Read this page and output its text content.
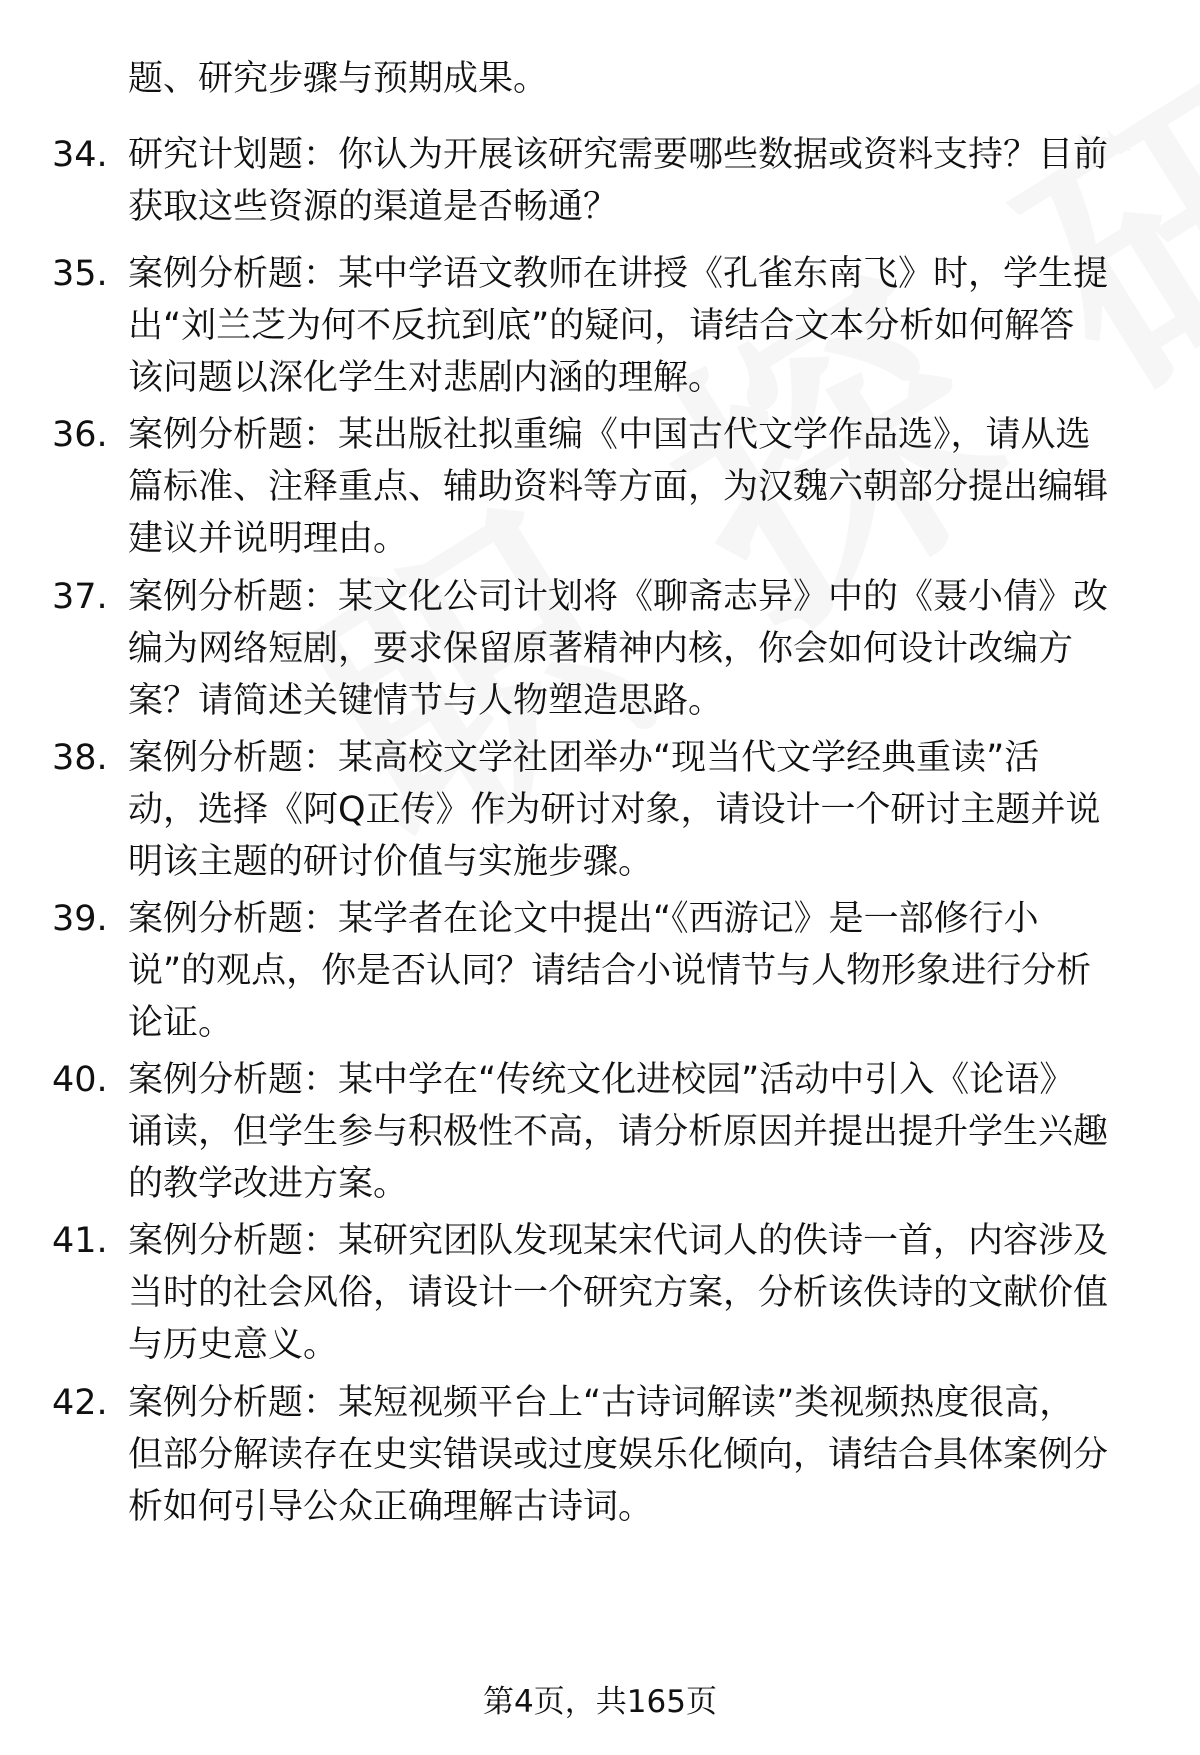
题、研究步骤与预期成果。
34. 研究计划题：你认为开展该研究需要哪些数据或资料支持？目前
获取这些资源的渠道是否畅通？
35. 案例分析题：某中学语文教师在讲授《孔雀东南飞》时，学生提
出“刘兰芝为何不反抗到底”的疑问，请结合文本分析如何解答
该问题以深化学生对悲剧内涵的理解。
36. 案例分析题：某出版社拟重编《中国古代文学作品选》，请从选
篇标准、注释重点、辅助资料等方面，为汉魏六朝部分提出编辑
建议并说明理由。
37. 案例分析题：某文化公司计划将《聊斋志异》中的《聂小倩》改
编为网络短剧，要求保留原著精神内核，你会如何设计改编方
案？请简述关键情节与人物塑造思路。
38. 案例分析题：某高校文学社团举办“现当代文学经典重读”活
动，选择《阿Q正传》作为研讨对象，请设计一个研讨主题并说
明该主题的研讨价值与实施步骤。
39. 案例分析题：某学者在论文中提出“《西游记》是一部修行小
说”的观点，你是否认同？请结合小说情节与人物形象进行分析
论证。
40. 案例分析题：某中学在“传统文化进校园”活动中引入《论语》
诵读，但学生参与积极性不高，请分析原因并提出提升学生兴趣
的教学改进方案。
41. 案例分析题：某研究团队发现某宋代词人的佚诗一首，内容涉及
当时的社会风俗，请设计一个研究方案，分析该佚诗的文献价值
与历史意义。
42. 案例分析题：某短视频平台上“古诗词解读”类视频热度很高，
但部分解读存在史实错误或过度娱乐化倾向，请结合具体案例分
析如何引导公众正确理解古诗词。
第4页，共165页
